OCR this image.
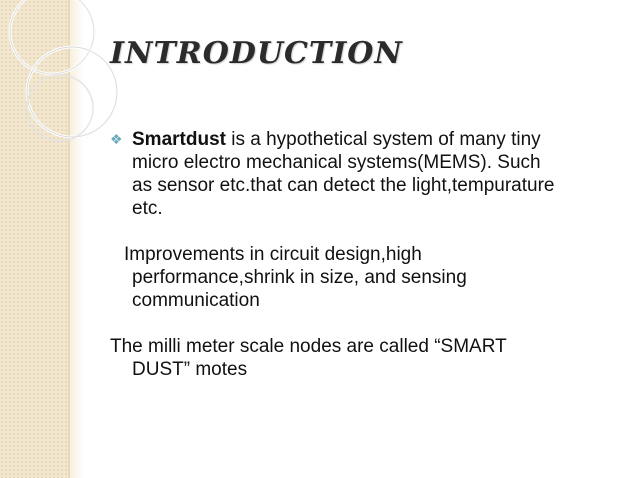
INTRODUCTION
❖ Smartdust is a hypothetical system of many tiny

micro electro mechanical systems(MEMS). Such

as sensor etc.that can detect the light,tempurature

etc.

Improvements in circuit design,high

performance,shrink in size, and sensing

communication

The milli meter scale nodes are called “SMART

DUST” motes
